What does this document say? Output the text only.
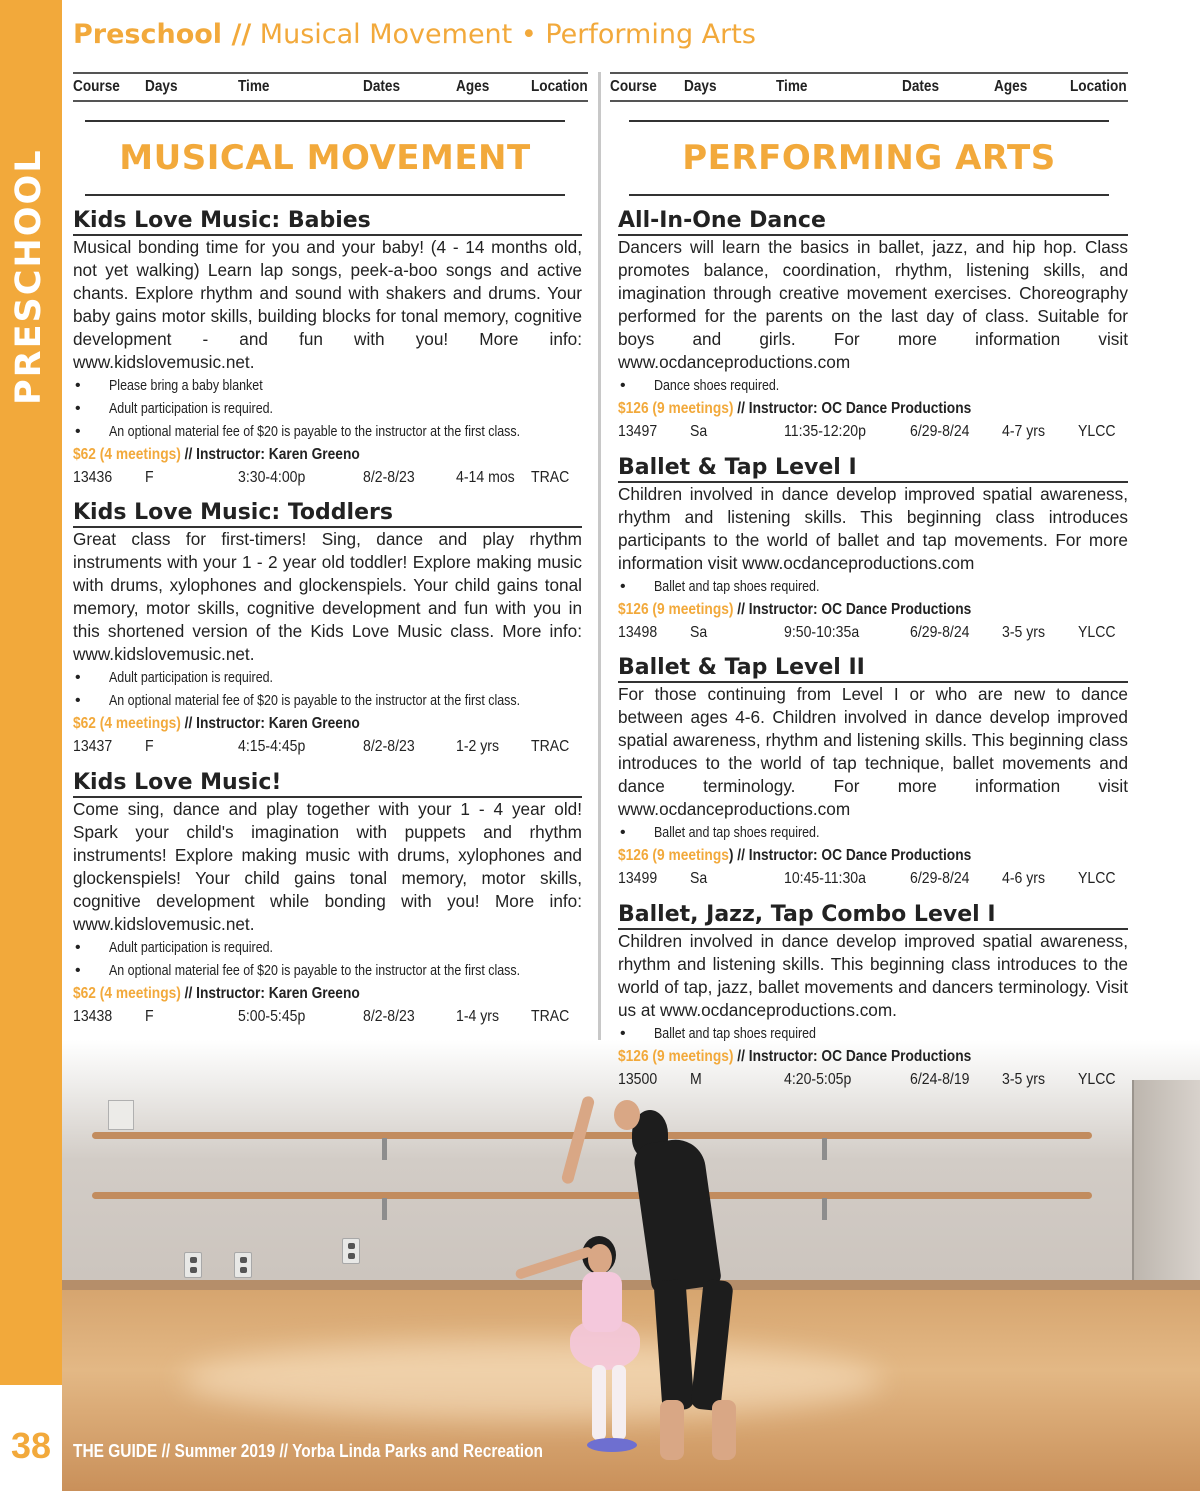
PRESCHOOL
Preschool // Musical Movement • Performing Arts
Course Days	Time	Dates	Ages	Location
MUSICAL MOVEMENT
Kids Love Music: Babies
Musical bonding time for you and your baby! (4 - 14 months old, not yet walking) Learn lap songs, peek-a-boo songs and active chants. Explore rhythm and sound with shakers and drums. Your baby gains motor skills, building blocks for tonal memory, cognitive development - and fun with you! More info: www.kidslovemusic.net.
• Please bring a baby blanket
• Adult participation is required.
• An optional material fee of $20 is payable to the instructor at the first class.
$62 (4 meetings) // Instructor: Karen Greeno
13436 F	3:30-4:00p	8/2-8/23	4-14 mos TRAC
Kids Love Music: Toddlers
Great class for first-timers! Sing, dance and play rhythm instruments with your 1 - 2 year old toddler! Explore making music with drums, xylophones and glockenspiels. Your child gains tonal memory, motor skills, cognitive development and fun with you in this shortened version of the Kids Love Music class. More info: www.kidslovemusic.net.
• Adult participation is required.
• An optional material fee of $20 is payable to the instructor at the first class.
$62 (4 meetings) // Instructor: Karen Greeno
13437 F	4:15-4:45p	8/2-8/23	1-2 yrs TRAC
Kids Love Music!
Come sing, dance and play together with your 1 - 4 year old! Spark your child's imagination with puppets and rhythm instruments! Explore making music with drums, xylophones and glockenspiels! Your child gains tonal memory, motor skills, cognitive development while bonding with you! More info: www.kidslovemusic.net.
• Adult participation is required.
• An optional material fee of $20 is payable to the instructor at the first class.
$62 (4 meetings) // Instructor: Karen Greeno
13438 F	5:00-5:45p	8/2-8/23	1-4 yrs TRAC
Course Days	Time	Dates	Ages	Location
PERFORMING ARTS
All-In-One Dance
Dancers will learn the basics in ballet, jazz, and hip hop. Class promotes balance, coordination, rhythm, listening skills, and imagination through creative movement exercises. Choreography performed for the parents on the last day of class. Suitable for boys and girls. For more information visit www.ocdanceproductions.com
• Dance shoes required.
$126 (9 meetings) // Instructor: OC Dance Productions
13497 Sa	11:35-12:20p	6/29-8/24 4-7 yrs YLCC
Ballet & Tap Level I
Children involved in dance develop improved spatial awareness, rhythm and listening skills. This beginning class introduces participants to the world of ballet and tap movements. For more information visit www.ocdanceproductions.com
• Ballet and tap shoes required.
$126 (9 meetings) // Instructor: OC Dance Productions
13498 Sa	9:50-10:35a	6/29-8/24 3-5 yrs YLCC
Ballet & Tap Level II
For those continuing from Level I or who are new to dance between ages 4-6. Children involved in dance develop improved spatial awareness, rhythm and listening skills. This beginning class introduces to the world of tap technique, ballet movements and dance terminology. For more information visit www.ocdanceproductions.com
• Ballet and tap shoes required.
$126 (9 meetings) // Instructor: OC Dance Productions
13499 Sa	10:45-11:30a	6/29-8/24 4-6 yrs YLCC
Ballet, Jazz, Tap Combo Level I
Children involved in dance develop improved spatial awareness, rhythm and listening skills. This beginning class introduces to the world of tap, jazz, ballet movements and dancers terminology. Visit us at www.ocdanceproductions.com.
• Ballet and tap shoes required
$126 (9 meetings) // Instructor: OC Dance Productions
13500 M	4:20-5:05p	6/24-8/19 3-5 yrs YLCC
38	THE GUIDE // Summer 2019 // Yorba Linda Parks and Recreation
